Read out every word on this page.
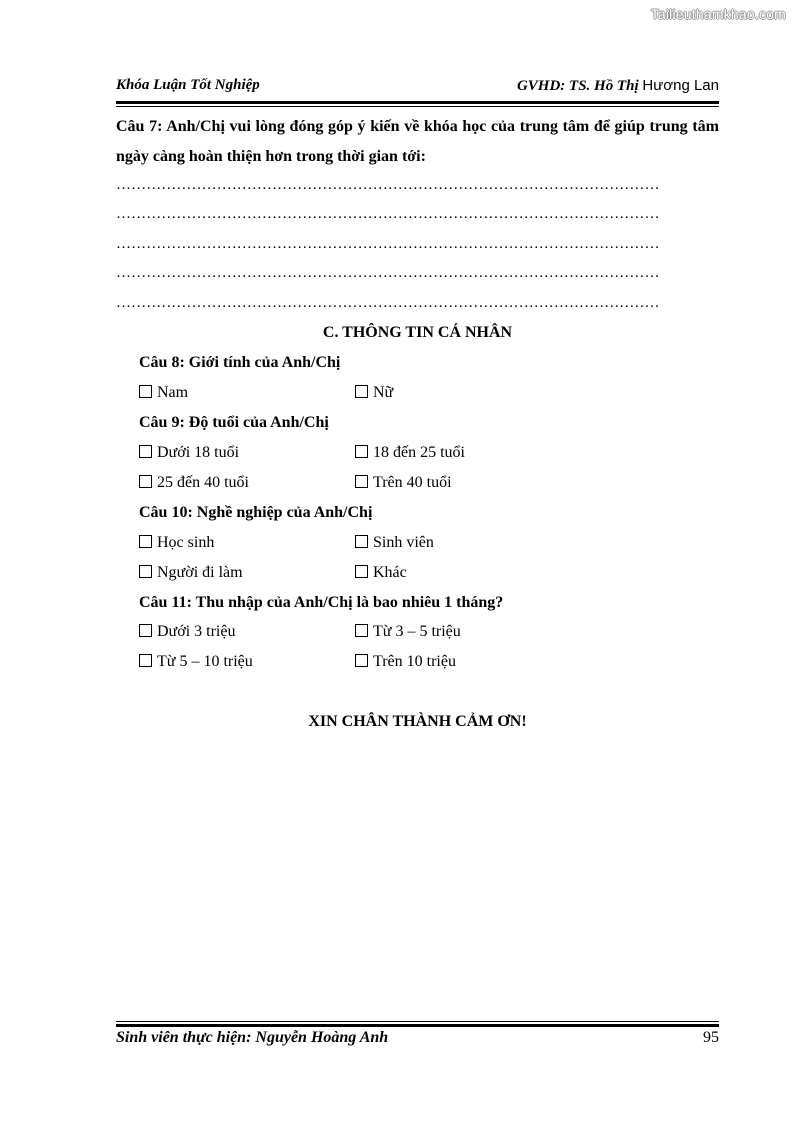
Tailieuthamkhao.com
Khóa Luận Tốt Nghiệp	GVHD: TS. Hồ Thị Hương Lan
Câu 7: Anh/Chị vui lòng đóng góp ý kiến về khóa học của trung tâm để giúp trung tâm ngày càng hoàn thiện hơn trong thời gian tới:
………………………………………………………………………………………………
………………………………………………………………………………………………
………………………………………………………………………………………………
………………………………………………………………………………………………
………………………………………………………………………………………………
C. THÔNG TIN CÁ NHÂN
Câu 8: Giới tính của Anh/Chị
Nam	Nữ
Câu 9: Độ tuổi của Anh/Chị
Dưới 18 tuổi	18 đến 25 tuổi
25 đến 40 tuổi	Trên 40 tuổi
Câu 10: Nghề nghiệp của Anh/Chị
Học sinh	Sinh viên
Người đi làm	Khác
Câu 11: Thu nhập của Anh/Chị là bao nhiêu 1 tháng?
Dưới 3 triệu	Từ 3 – 5 triệu
Từ 5 – 10 triệu	Trên 10 triệu
XIN CHÂN THÀNH CẢM ƠN!
Sinh viên thực hiện: Nguyễn Hoàng Anh	95
